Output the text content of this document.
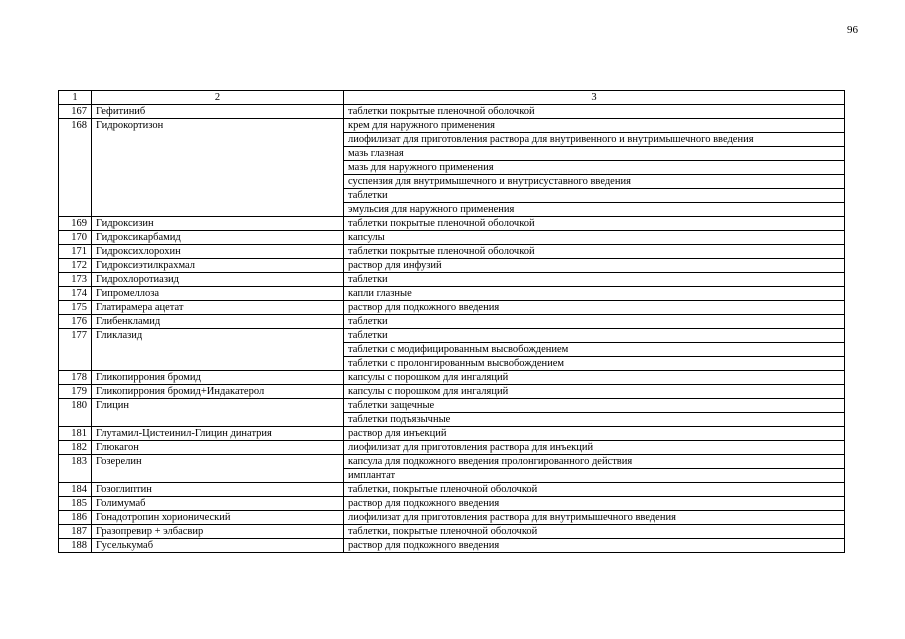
96
1	2	3
167	Гефитиниб	таблетки покрытые пленочной оболочкой
168	Гидрокортизон	крем для наружного применения
		лиофилизат для приготовления раствора для внутривенного и внутримышечного введения
		мазь глазная
		мазь для наружного применения
		суспензия для внутримышечного и внутрисуставного введения
		таблетки
		эмульсия для наружного применения
169	Гидроксизин	таблетки покрытые пленочной оболочкой
170	Гидроксикарбамид	капсулы
171	Гидроксихлорохин	таблетки покрытые пленочной оболочкой
172	Гидроксиэтилкрахмал	раствор для инфузий
173	Гидрохлоротиазид	таблетки
174	Гипромеллоза	капли глазные
175	Глатирамера ацетат	раствор для подкожного введения
176	Глибенкламид	таблетки
177	Гликлазид	таблетки
		таблетки с модифицированным высвобождением
		таблетки с пролонгированным высвобождением
178	Гликопиррония бромид	капсулы с порошком для ингаляций
179	Гликопиррония бромид+Индакатерол	капсулы с порошком для ингаляций
180	Глицин	таблетки защечные
		таблетки подъязычные
181	Глутамил-Цистеинил-Глицин динатрия	раствор для инъекций
182	Глюкагон	лиофилизат для приготовления раствора для инъекций
183	Гозерелин	капсула для подкожного введения пролонгированного действия
		имплантат
184	Гозоглиптин	таблетки, покрытые пленочной оболочкой
185	Голимумаб	раствор для подкожного введения
186	Гонадотропин хорионический	лиофилизат для приготовления раствора для внутримышечного введения
187	Гразопревир + элбасвир	таблетки, покрытые пленочной оболочкой
188	Гуселькумаб	раствор для подкожного введения
